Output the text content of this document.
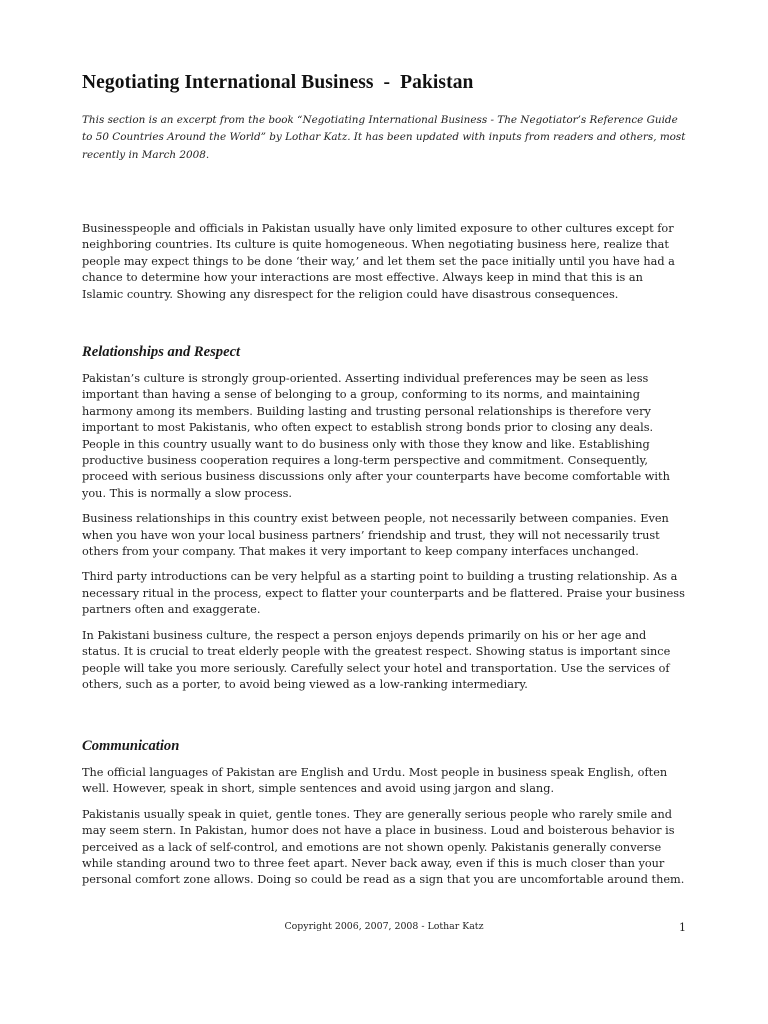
Negotiating International Business  -  Pakistan

This section is an excerpt from the book “Negotiating International Business - The Negotiator’s Reference Guide to 50 Countries Around the World” by Lothar Katz. It has been updated with inputs from readers and others, most recently in March 2008.

Businesspeople and officials in Pakistan usually have only limited exposure to other cultures except for neighboring countries. Its culture is quite homogeneous. When negotiating business here, realize that people may expect things to be done ‘their way,’ and let them set the pace initially until you have had a chance to determine how your interactions are most effective. Always keep in mind that this is an Islamic country. Showing any disrespect for the religion could have disastrous consequences.

Relationships and Respect

Pakistan’s culture is strongly group-oriented. Asserting individual preferences may be seen as less important than having a sense of belonging to a group, conforming to its norms, and maintaining harmony among its members. Building lasting and trusting personal relationships is therefore very important to most Pakistanis, who often expect to establish strong bonds prior to closing any deals. People in this country usually want to do business only with those they know and like. Establishing productive business cooperation requires a long-term perspective and commitment. Consequently, proceed with serious business discussions only after your counterparts have become comfortable with you. This is normally a slow process.

Business relationships in this country exist between people, not necessarily between companies. Even when you have won your local business partners’ friendship and trust, they will not necessarily trust others from your company. That makes it very important to keep company interfaces unchanged.

Third party introductions can be very helpful as a starting point to building a trusting relationship. As a necessary ritual in the process, expect to flatter your counterparts and be flattered. Praise your business partners often and exaggerate.

In Pakistani business culture, the respect a person enjoys depends primarily on his or her age and status. It is crucial to treat elderly people with the greatest respect. Showing status is important since people will take you more seriously. Carefully select your hotel and transportation. Use the services of others, such as a porter, to avoid being viewed as a low-ranking intermediary.

Communication

The official languages of Pakistan are English and Urdu. Most people in business speak English, often well. However, speak in short, simple sentences and avoid using jargon and slang.

Pakistanis usually speak in quiet, gentle tones. They are generally serious people who rarely smile and may seem stern. In Pakistan, humor does not have a place in business. Loud and boisterous behavior is perceived as a lack of self-control, and emotions are not shown openly. Pakistanis generally converse while standing around two to three feet apart. Never back away, even if this is much closer than your personal comfort zone allows. Doing so could be read as a sign that you are uncomfortable around them.

Copyright 2006, 2007, 2008 - Lothar Katz	1
